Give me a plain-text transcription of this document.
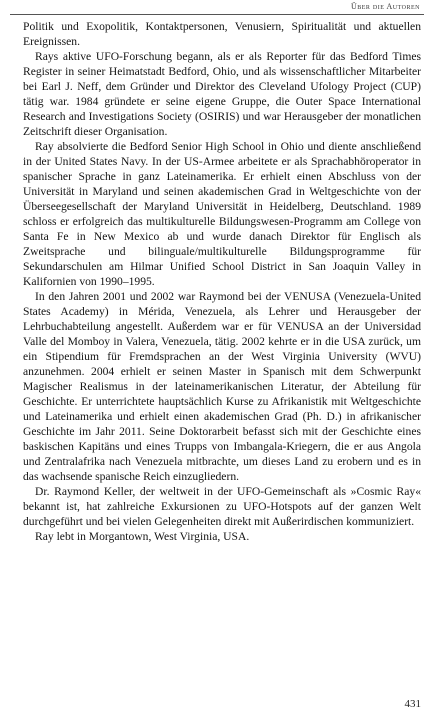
Über die Autoren

Politik und Exopolitik, Kontaktpersonen, Venusiern, Spiritualität und aktuellen Ereignissen.

Rays aktive UFO-Forschung begann, als er als Reporter für das Bedford Times Register in seiner Heimatstadt Bedford, Ohio, und als wissenschaftlicher Mitarbeiter bei Earl J. Neff, dem Gründer und Direktor des Cleveland Ufology Project (CUP) tätig war. 1984 gründete er seine eigene Gruppe, die Outer Space International Research and Investigations Society (OSIRIS) und war Herausgeber der monatlichen Zeitschrift dieser Organisation.

Ray absolvierte die Bedford Senior High School in Ohio und diente anschließend in der United States Navy. In der US-Armee arbeitete er als Sprachabhöroperator in spanischer Sprache in ganz Lateinamerika. Er erhielt einen Abschluss von der Universität in Maryland und seinen akademischen Grad in Weltgeschichte von der Überseegesellschaft der Maryland Universität in Heidelberg, Deutschland. 1989 schloss er erfolgreich das multikulturelle Bildungswesen-Programm am College von Santa Fe in New Mexico ab und wurde danach Direktor für Englisch als Zweitsprache und bilinguale/multikulturelle Bildungsprogramme für Sekundarschulen am Hilmar Unified School District in San Joaquin Valley in Kalifornien von 1990–1995.

In den Jahren 2001 und 2002 war Raymond bei der VENUSA (Venezuela-United States Academy) in Mérida, Venezuela, als Lehrer und Herausgeber der Lehrbuchabteilung angestellt. Außerdem war er für VENUSA an der Universidad Valle del Momboy in Valera, Venezuela, tätig. 2002 kehrte er in die USA zurück, um ein Stipendium für Fremdsprachen an der West Virginia University (WVU) anzunehmen. 2004 erhielt er seinen Master in Spanisch mit dem Schwerpunkt Magischer Realismus in der lateinamerikanischen Literatur, der Abteilung für Geschichte. Er unterrichtete hauptsächlich Kurse zu Afrikanistik mit Weltgeschichte und Lateinamerika und erhielt einen akademischen Grad (Ph. D.) in afrikanischer Geschichte im Jahr 2011. Seine Doktorarbeit befasst sich mit der Geschichte eines baskischen Kapitäns und eines Trupps von Imbangala-Kriegern, die er aus Angola und Zentralafrika nach Venezuela mitbrachte, um dieses Land zu erobern und es in das wachsende spanische Reich einzugliedern.

Dr. Raymond Keller, der weltweit in der UFO-Gemeinschaft als »Cosmic Ray« bekannt ist, hat zahlreiche Exkursionen zu UFO-Hotspots auf der ganzen Welt durchgeführt und bei vielen Gelegenheiten direkt mit Außerirdischen kommuniziert.

Ray lebt in Morgantown, West Virginia, USA.

431
